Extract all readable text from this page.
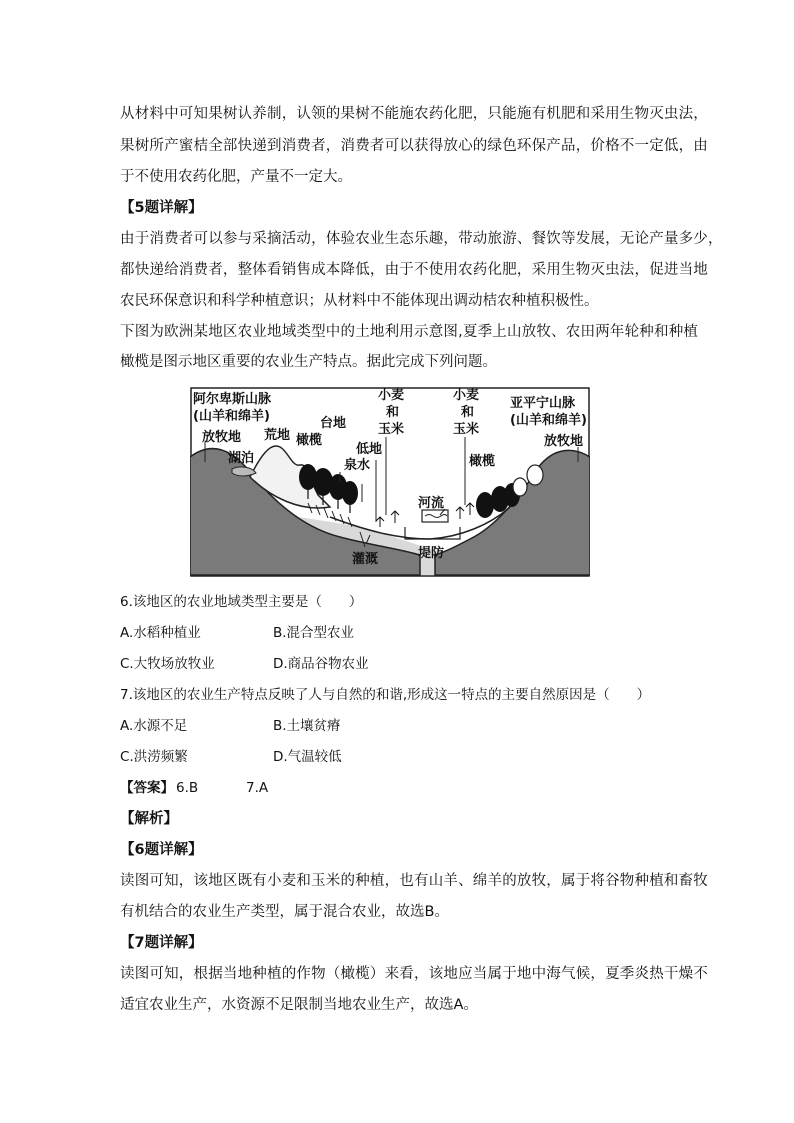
从材料中可知果树认养制，认领的果树不能施农药化肥，只能施有机肥和采用生物灭虫法，
果树所产蜜桔全部快递到消费者，消费者可以获得放心的绿色环保产品，价格不一定低，由
于不使用农药化肥，产量不一定大。
【5题详解】
由于消费者可以参与采摘活动，体验农业生态乐趣，带动旅游、餐饮等发展，无论产量多少，
都快递给消费者，整体看销售成本降低，由于不使用农药化肥，采用生物灭虫法，促进当地
农民环保意识和科学种植意识；从材料中不能体现出调动桔农种植积极性。
下图为欧洲某地区农业地域类型中的土地利用示意图,夏季上山放牧、农田两年轮种和种植
橄榄是图示地区重要的农业生产特点。据此完成下列问题。
阿尔卑斯山脉
(山羊和绵羊)
放牧地
湖泊
荒地 橄榄
台地
低地
泉水
小麦
和
玉米
小麦
和
玉米
河流
灌溉	堤防
橄榄
亚平宁山脉
(山羊和绵羊)
放牧地
6.该地区的农业地域类型主要是（　　）
A.水稻种植业	B.混合型农业
C.大牧场放牧业	D.商品谷物农业
7.该地区的农业生产特点反映了人与自然的和谐,形成这一特点的主要自然原因是（　　）
A.水源不足	B.土壤贫瘠
C.洪涝频繁	D.气温较低
【答案】 6.B	7.A
【解析】
【6题详解】
读图可知，该地区既有小麦和玉米的种植，也有山羊、绵羊的放牧，属于将谷物种植和畜牧
有机结合的农业生产类型，属于混合农业，故选B。
【7题详解】
读图可知，根据当地种植的作物（橄榄）来看，该地应当属于地中海气候，夏季炎热干燥不
适宜农业生产，水资源不足限制当地农业生产，故选A。
